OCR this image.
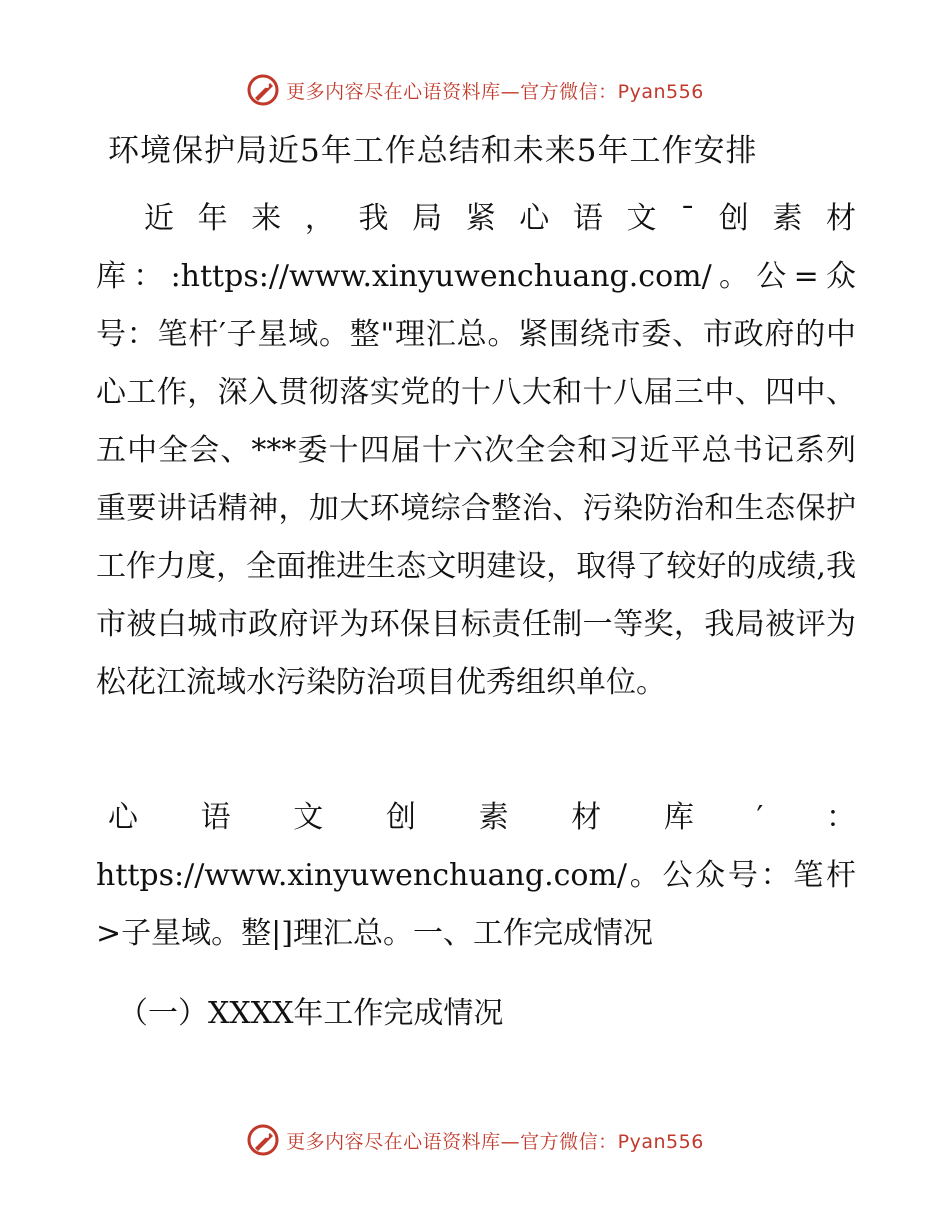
更多内容尽在心语资料库—官方微信：Pyan556
环境保护局近5年工作总结和未来5年工作安排

近年来，我局紧心语文¯创素材库：:https://www.xinyuwenchuang.com/。公=众号：笔杆′子星域。整"理汇总。紧围绕市委、市政府的中心工作，深入贯彻落实党的十八大和十八届三中、四中、五中全会、***委十四届十六次全会和习近平总书记系列重要讲话精神，加大环境综合整治、污染防治和生态保护工作力度，全面推进生态文明建设，取得了较好的成绩,我市被白城市政府评为环保目标责任制一等奖，我局被评为松花江流域水污染防治项目优秀组织单位。

心语文创素材库′：https://www.xinyuwenchuang.com/。公众号：笔杆>子星域。整|]理汇总。一、工作完成情况

（一）XXXX年工作完成情况

更多内容尽在心语资料库—官方微信：Pyan556
